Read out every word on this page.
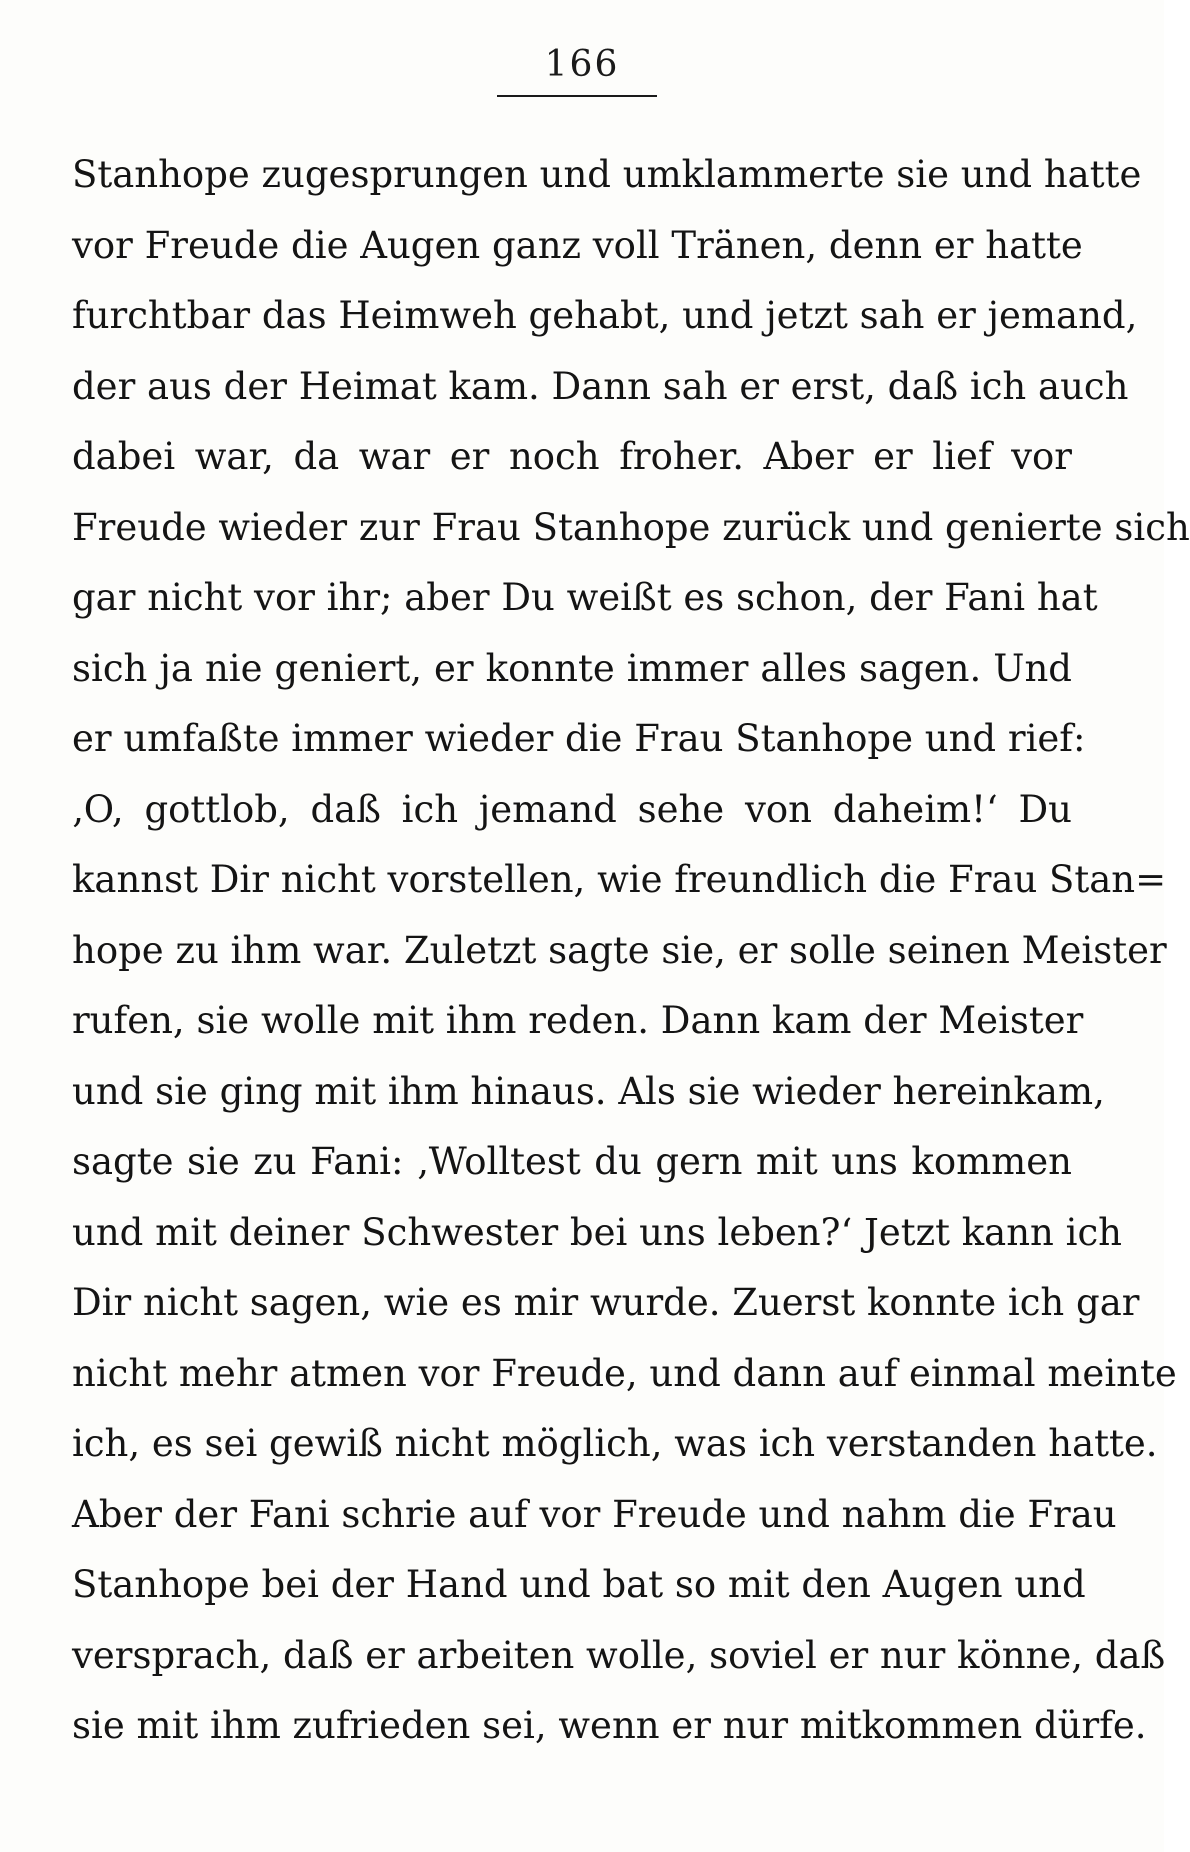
166
Stanhope zugesprungen und umklammerte sie und hatte
vor Freude die Augen ganz voll Tränen, denn er hatte
furchtbar das Heimweh gehabt, und jetzt sah er jemand,
der aus der Heimat kam. Dann sah er erst, daß ich auch
dabei war, da war er noch froher. Aber er lief vor
Freude wieder zur Frau Stanhope zurück und genierte sich
gar nicht vor ihr; aber Du weißt es schon, der Fani hat
sich ja nie geniert, er konnte immer alles sagen. Und
er umfaßte immer wieder die Frau Stanhope und rief:
‚O, gottlob, daß ich jemand sehe von daheim!‘ Du
kannst Dir nicht vorstellen, wie freundlich die Frau Stan=
hope zu ihm war. Zuletzt sagte sie, er solle seinen Meister
rufen, sie wolle mit ihm reden. Dann kam der Meister
und sie ging mit ihm hinaus. Als sie wieder hereinkam,
sagte sie zu Fani: ‚Wolltest du gern mit uns kommen
und mit deiner Schwester bei uns leben?‘ Jetzt kann ich
Dir nicht sagen, wie es mir wurde. Zuerst konnte ich gar
nicht mehr atmen vor Freude, und dann auf einmal meinte
ich, es sei gewiß nicht möglich, was ich verstanden hatte.
Aber der Fani schrie auf vor Freude und nahm die Frau
Stanhope bei der Hand und bat so mit den Augen und
versprach, daß er arbeiten wolle, soviel er nur könne, daß
sie mit ihm zufrieden sei, wenn er nur mitkommen dürfe.
